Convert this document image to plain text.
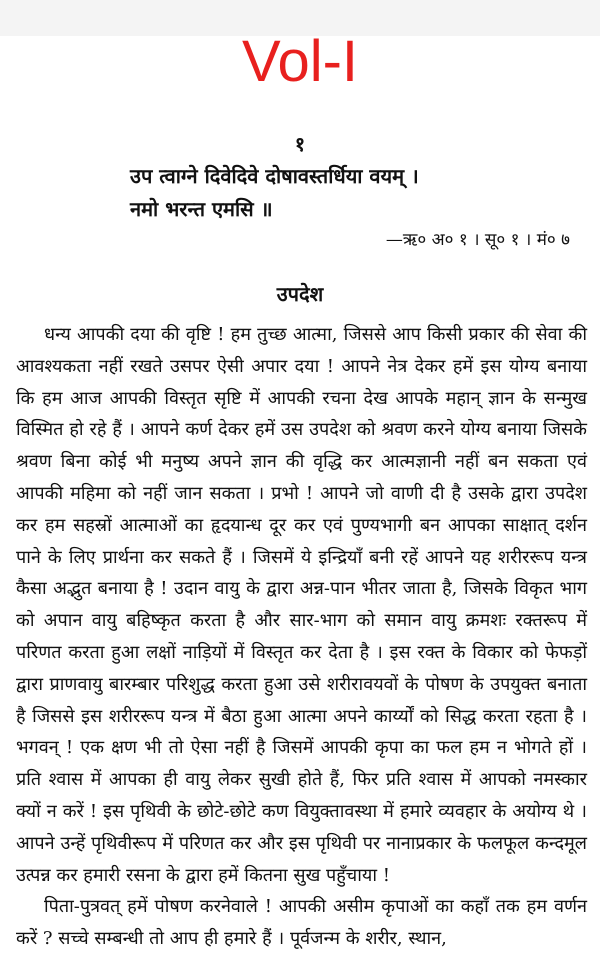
Vol-I
१
उप त्वाग्ने दिवेदिवे दोषावस्तर्धिया वयम् ।
नमो भरन्त एमसि ॥
—ऋ० अ० १ । सू० १ । मं० ७
उपदेश

धन्य आपकी दया की वृष्टि ! हम तुच्छ आत्मा, जिससे आप किसी प्रकार की सेवा की आवश्यकता नहीं रखते उसपर ऐसी अपार दया ! आपने नेत्र देकर हमें इस योग्य बनाया कि हम आज आपकी विस्तृत सृष्टि में आपकी रचना देख आपके महान् ज्ञान के सन्मुख विस्मित हो रहे हैं । आपने कर्ण देकर हमें उस उपदेश को श्रवण करने योग्य बनाया जिसके श्रवण बिना कोई भी मनुष्य अपने ज्ञान की वृद्धि कर आत्मज्ञानी नहीं बन सकता एवं आपकी महिमा को नहीं जान सकता । प्रभो ! आपने जो वाणी दी है उसके द्वारा उपदेश कर हम सहस्रों आत्माओं का हृदयान्ध दूर कर एवं पुण्यभागी बन आपका साक्षात् दर्शन पाने के लिए प्रार्थना कर सकते हैं । जिसमें ये इन्द्रियाँ बनी रहें आपने यह शरीररूप यन्त्र कैसा अद्भुत बनाया है ! उदान वायु के द्वारा अन्न-पान भीतर जाता है, जिसके विकृत भाग को अपान वायु बहिष्कृत करता है और सार-भाग को समान वायु क्रमशः रक्तरूप में परिणत करता हुआ लक्षों नाड़ियों में विस्तृत कर देता है । इस रक्त के विकार को फेफड़ों द्वारा प्राणवायु बारम्बार परिशुद्ध करता हुआ उसे शरीरावयवों के पोषण के उपयुक्त बनाता है जिससे इस शरीररूप यन्त्र में बैठा हुआ आत्मा अपने कार्य्यों को सिद्ध करता रहता है । भगवन् ! एक क्षण भी तो ऐसा नहीं है जिसमें आपकी कृपा का फल हम न भोगते हों । प्रति श्वास में आपका ही वायु लेकर सुखी होते हैं, फिर प्रति श्वास में आपको नमस्कार क्यों न करें ! इस पृथिवी के छोटे-छोटे कण वियुक्तावस्था में हमारे व्यवहार के अयोग्य थे । आपने उन्हें पृथिवीरूप में परिणत कर और इस पृथिवी पर नानाप्रकार के फलफूल कन्दमूल उत्पन्न कर हमारी रसना के द्वारा हमें कितना सुख पहुँचाया !

पिता-पुत्रवत् हमें पोषण करनेवाले ! आपकी असीम कृपाओं का कहाँ तक हम वर्णन करें ? सच्चे सम्बन्धी तो आप ही हमारे हैं । पूर्वजन्म के शरीर, स्थान,
